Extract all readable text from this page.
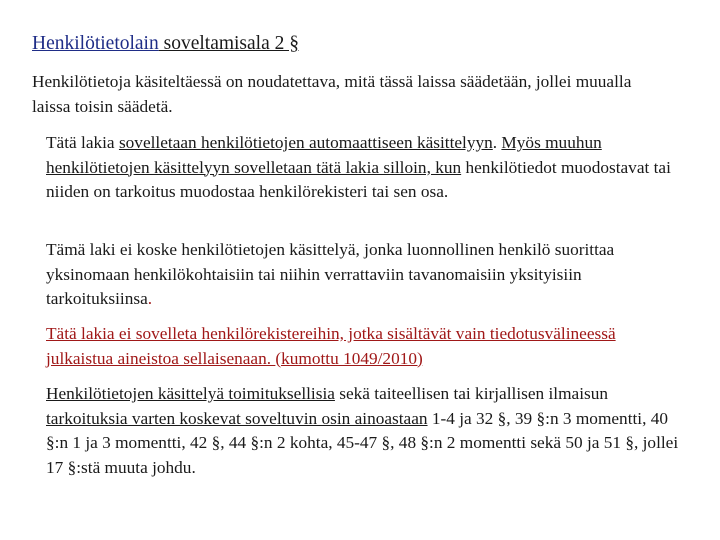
Henkilötietolain soveltamisala 2 §

Henkilötietoja käsiteltäessä on noudatettava, mitä tässä laissa säädetään, jollei muualla laissa toisin säädetä.

Tätä lakia sovelletaan henkilötietojen automaattiseen käsittelyyn. Myös muuhun henkilötietojen käsittelyyn sovelletaan tätä lakia silloin, kun henkilötiedot muodostavat tai niiden on tarkoitus muodostaa henkilörekisteri tai sen osa.

Tämä laki ei koske henkilötietojen käsittelyä, jonka luonnollinen henkilö suorittaa yksinomaan henkilökohtaisiin tai niihin verrattaviin tavanomaisiin yksityisiin tarkoituksiinsa.

Tätä lakia ei sovelleta henkilörekistereihin, jotka sisältävät vain tiedotusvälineessä julkaistua aineistoa sellaisenaan. (kumottu 1049/2010)

Henkilötietojen käsittelyä toimituksellisia sekä taiteellisen tai kirjallisen ilmaisun tarkoituksia varten koskevat soveltuvin osin ainoastaan 1-4 ja 32 §, 39 §:n 3 momentti, 40 §:n 1 ja 3 momentti, 42 §, 44 §:n 2 kohta, 45-47 §, 48 §:n 2 momentti sekä 50 ja 51 §, jollei 17 §:stä muuta johdu.
